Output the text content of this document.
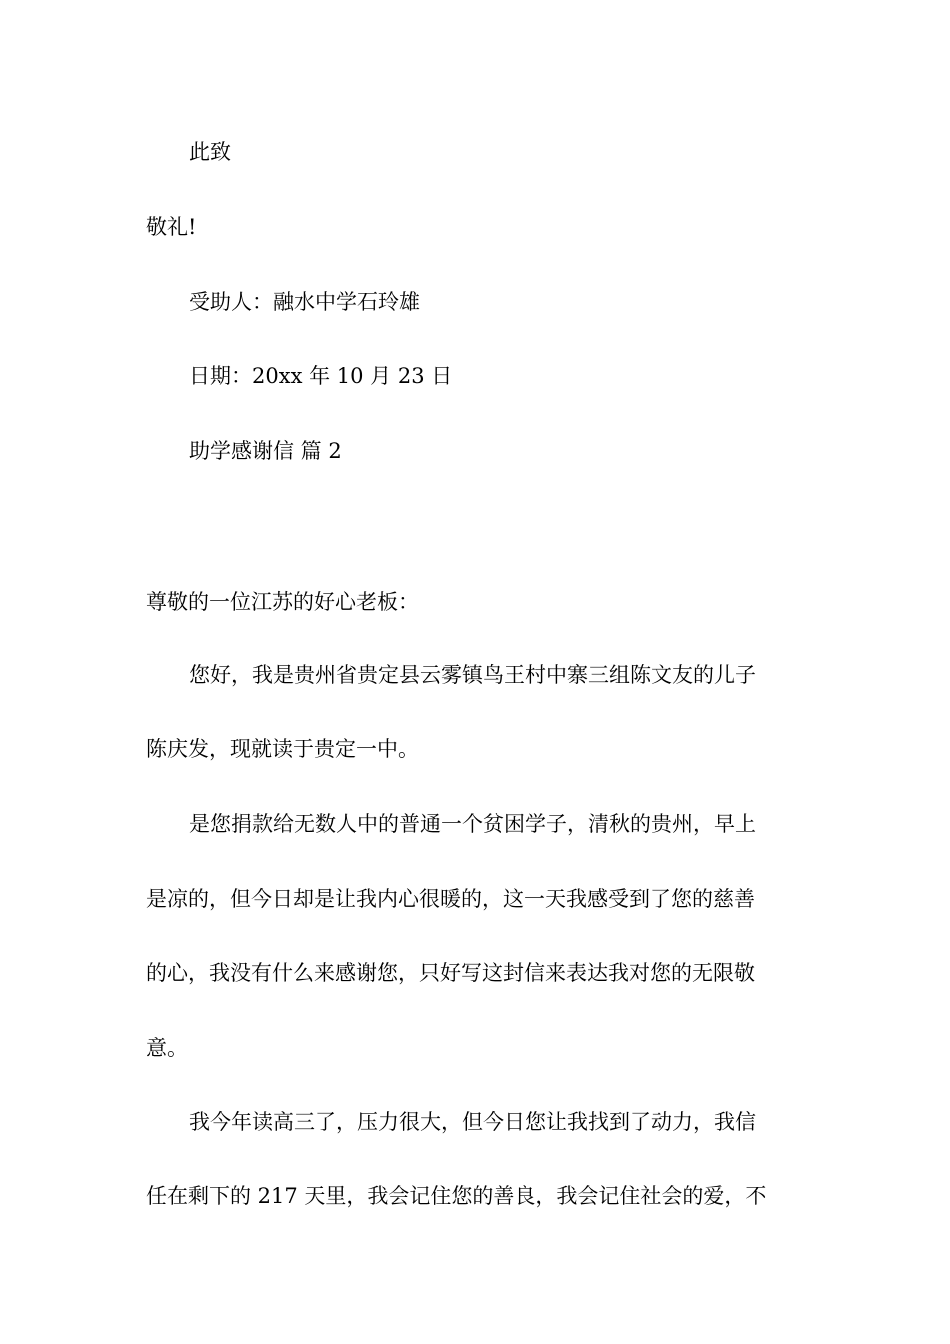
此致
敬礼!
受助人：融水中学石玲雄
日期：20xx 年 10 月 23 日
助学感谢信 篇 2
尊敬的一位江苏的好心老板：
您好，我是贵州省贵定县云雾镇鸟王村中寨三组陈文友的儿子
陈庆发，现就读于贵定一中。
是您捐款给无数人中的普通一个贫困学子，清秋的贵州，早上
是凉的，但今日却是让我内心很暖的，这一天我感受到了您的慈善
的心，我没有什么来感谢您，只好写这封信来表达我对您的无限敬
意。
我今年读高三了，压力很大，但今日您让我找到了动力，我信
任在剩下的 217 天里，我会记住您的善良，我会记住社会的爱，不
